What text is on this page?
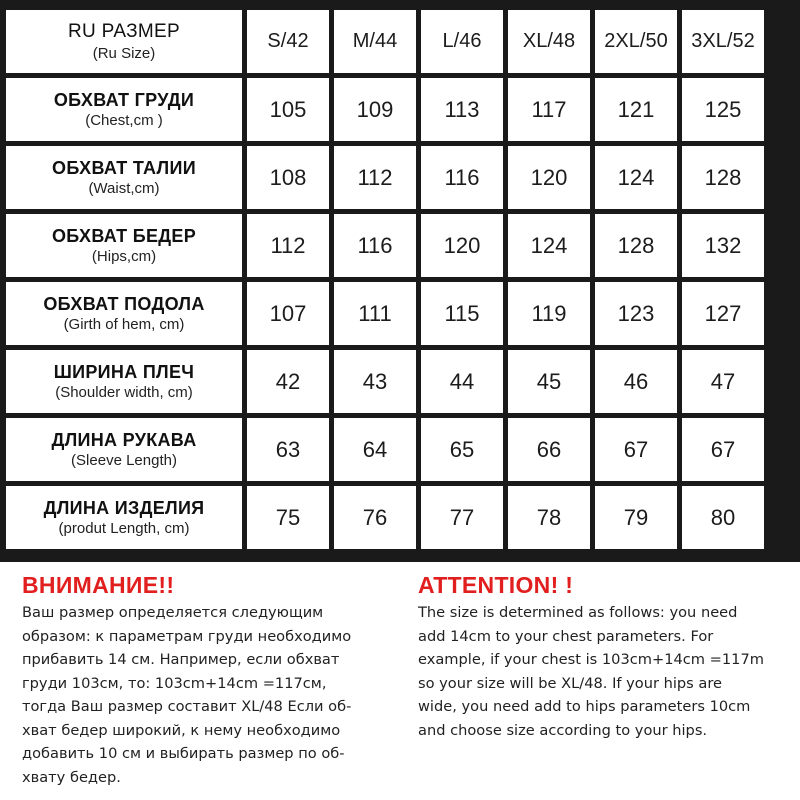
RU РАЗМЕР
(Ru Size)
S/42	M/44	L/46	XL/48	2XL/50	3XL/52
ОБХВАТ ГРУДИ
(Chest,cm )	105	109	113	117	121	125
ОБХВАТ ТАЛИИ
(Waist,cm)	108	112	116	120	124	128
ОБХВАТ БЕДЕР
(Hips,cm)	112	116	120	124	128	132
ОБХВАТ ПОДОЛА
(Girth of hem, cm)	107	111	115	119	123	127
ШИРИНА ПЛЕЧ
(Shoulder width, cm)	42	43	44	45	46	47
ДЛИНА РУКАВА
(Sleeve Length)	63	64	65	66	67	67
ДЛИНА ИЗДЕЛИЯ
(produt Length, cm)	75	76	77	78	79	80
ВНИМАНИЕ!!
Ваш размер определяется следующим
образом: к параметрам груди необходимо
прибавить 14 см. Например, если обхват
груди 103см, то: 103cm+14cm =117см,
тогда Ваш размер составит XL/48 Если об-
хват бедер широкий, к нему необходимо
добавить 10 см и выбирать размер по об-
хвату бедер.
ATTENTION! !
The size is determined as follows: you need
add 14cm to your chest parameters. For
example, if your chest is 103cm+14cm =117m
so your size will be XL/48. If your hips are
wide, you need add to hips parameters 10cm
and choose size according to your hips.
